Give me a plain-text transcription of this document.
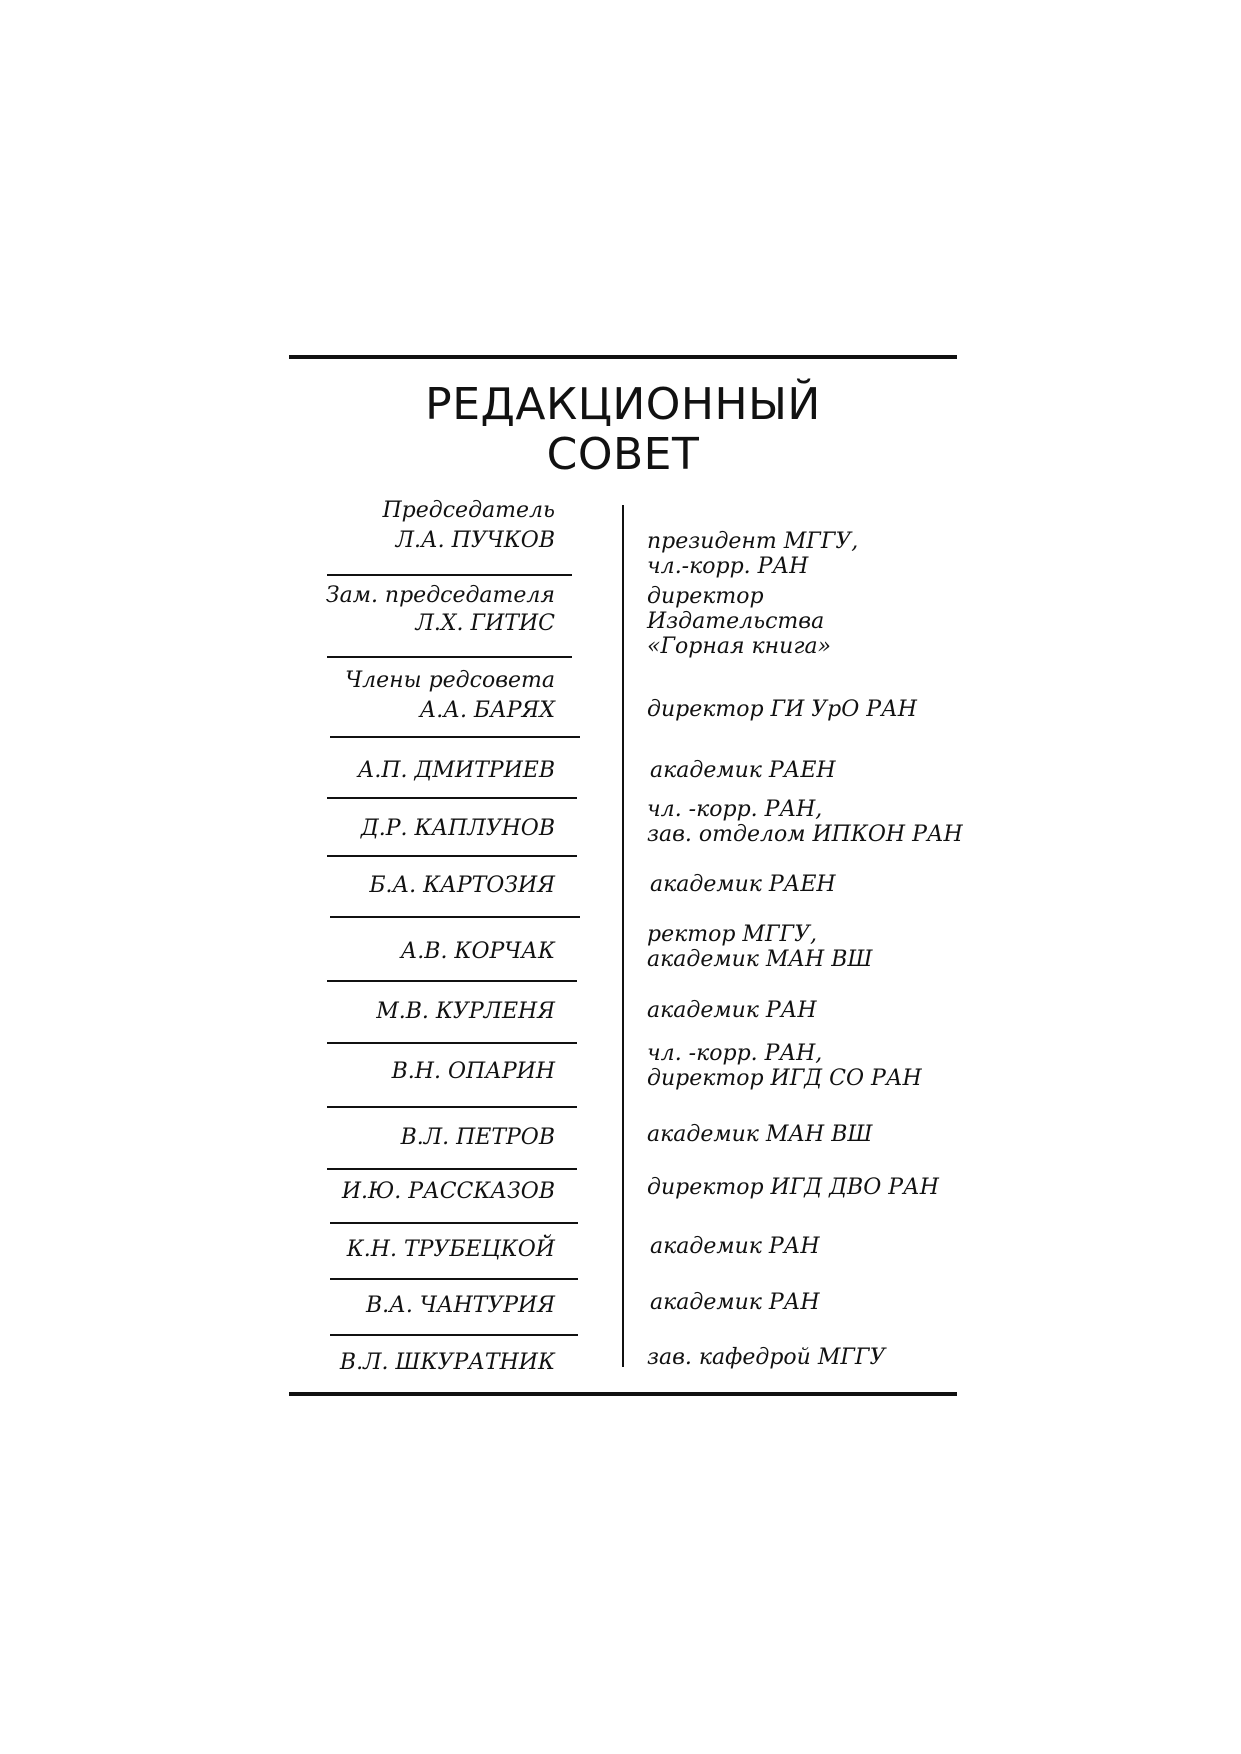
РЕДАКЦИОННЫЙ
СОВЕТ
Председатель
Л.А. ПУЧКОВ
Зам. председателя
Л.Х. ГИТИС
Члены редсовета
А.А. БАРЯХ
А.П. ДМИТРИЕВ
Д.Р. КАПЛУНОВ
Б.А. КАРТОЗИЯ
А.В. КОРЧАК
М.В. КУРЛЕНЯ
В.Н. ОПАРИН
В.Л. ПЕТРОВ
И.Ю. РАССКАЗОВ
К.Н. ТРУБЕЦКОЙ
В.А. ЧАНТУРИЯ
В.Л. ШКУРАТНИК
президент МГГУ,
чл.-корр. РАН
директор
Издательства
«Горная книга»
директор ГИ УрО РАН
академик РАЕН
чл. -корр. РАН,
зав. отделом ИПКОН РАН
академик РАЕН
ректор МГГУ,
академик МАН ВШ
академик РАН
чл. -корр. РАН,
директор ИГД СО РАН
академик МАН ВШ
директор ИГД ДВО РАН
академик РАН
академик РАН
зав. кафедрой МГГУ
